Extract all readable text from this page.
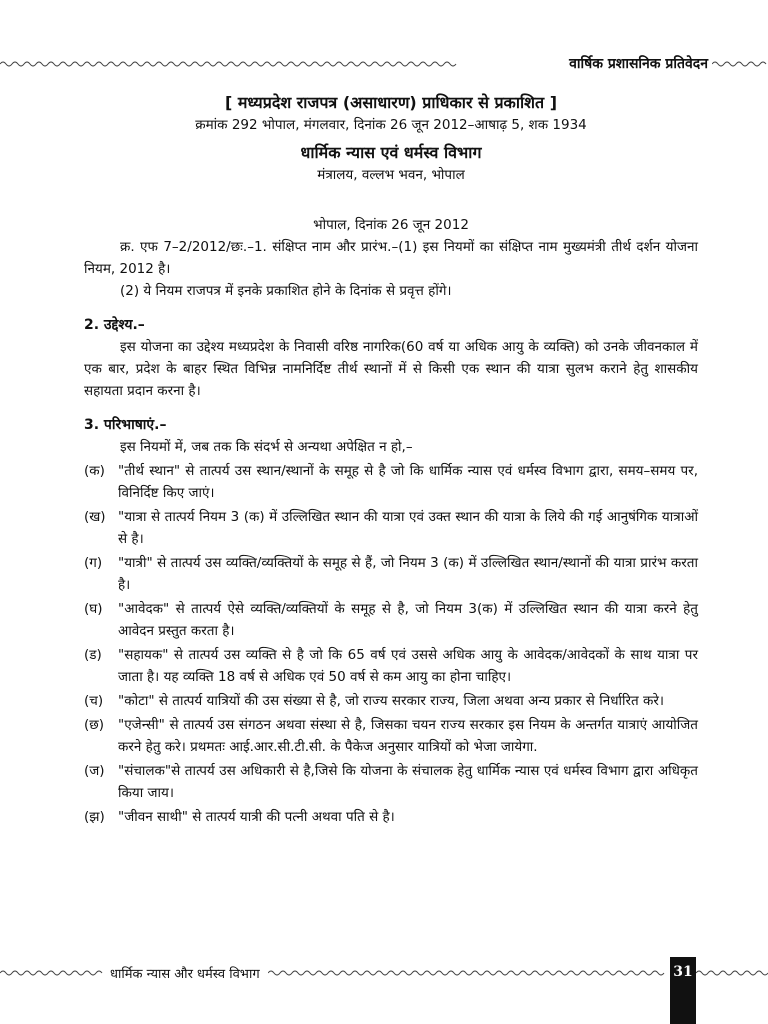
वार्षिक प्रशासनिक प्रतिवेदन
[ मध्यप्रदेश राजपत्र (असाधारण) प्राधिकार से प्रकाशित ]
क्रमांक 292 भोपाल, मंगलवार, दिनांक 26 जून 2012–आषाढ़ 5, शक 1934
धार्मिक न्यास एवं धर्मस्व विभाग
मंत्रालय, वल्लभ भवन, भोपाल
भोपाल, दिनांक 26 जून 2012
क्र. एफ 7–2/2012/छः.–1. संक्षिप्त नाम और प्रारंभ.–(1) इस नियमों का संक्षिप्त नाम मुख्यमंत्री तीर्थ दर्शन योजना नियम, 2012 है।
(2) ये नियम राजपत्र में इनके प्रकाशित होने के दिनांक से प्रवृत्त होंगे।
2. उद्देश्य.–
इस योजना का उद्देश्य मध्यप्रदेश के निवासी वरिष्ठ नागरिक(60 वर्ष या अधिक आयु के व्यक्ति) को उनके जीवनकाल में एक बार, प्रदेश के बाहर स्थित विभिन्न नामनिर्दिष्ट तीर्थ स्थानों में से किसी एक स्थान की यात्रा सुलभ कराने हेतु शासकीय सहायता प्रदान करना है।
3. परिभाषाएं.–
इस नियमों में, जब तक कि संदर्भ से अन्यथा अपेक्षित न हो,–
(क) "तीर्थ स्थान" से तात्पर्य उस स्थान/स्थानों के समूह से है जो कि धार्मिक न्यास एवं धर्मस्व विभाग द्वारा, समय–समय पर, विनिर्दिष्ट किए जाएं।
(ख) "यात्रा से तात्पर्य नियम 3 (क) में उल्लिखित स्थान की यात्रा एवं उक्त स्थान की यात्रा के लिये की गई आनुषंगिक यात्राओं से है।
(ग)	"यात्री" से तात्पर्य उस व्यक्ति/व्यक्तियों के समूह से हैं, जो नियम 3 (क) में उल्लिखित स्थान/स्थानों की यात्रा प्रारंभ करता है।
(घ)	"आवेदक" से तात्पर्य ऐसे व्यक्ति/व्यक्तियों के समूह से है, जो नियम 3(क) में उल्लिखित स्थान की यात्रा करने हेतु आवेदन प्रस्तुत करता है।
(ड)	"सहायक" से तात्पर्य उस व्यक्ति से है जो कि 65 वर्ष एवं उससे अधिक आयु के आवेदक/आवेदकों के साथ यात्रा पर जाता है। यह व्यक्ति 18 वर्ष से अधिक एवं 50 वर्ष से कम आयु का होना चाहिए।
(च)	"कोटा" से तात्पर्य यात्रियों की उस संख्या से है, जो राज्य सरकार राज्य, जिला अथवा अन्य प्रकार से निर्धारित करे।
(छ)	"एजेन्सी" से तात्पर्य उस संगठन अथवा संस्था से है, जिसका चयन राज्य सरकार इस नियम के अन्तर्गत यात्राएं आयोजित करने हेतु करे। प्रथमतः आई.आर.सी.टी.सी. के पैकेज अनुसार यात्रियों को भेजा जायेगा.
(ज) "संचालक"से तात्पर्य उस अधिकारी से है,जिसे कि योजना के संचालक हेतु धार्मिक न्यास एवं धर्मस्व विभाग द्वारा अधिकृत किया जाय।
(झ) "जीवन साथी" से तात्पर्य यात्री की पत्नी अथवा पति से है।
धार्मिक न्यास और धर्मस्व विभाग	31
